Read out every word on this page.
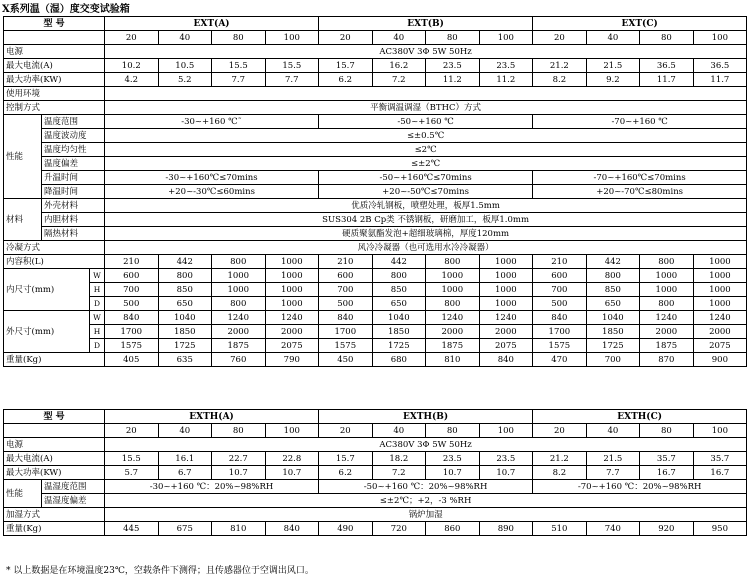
X系列温（湿）度交变试验箱
型 号			EXT(A)				EXT(B)				EXT(C)			
			20	40	80	100	20	40	80	100	20	40	80	100
电源			AC380V 3Φ 5W 50Hz											
最大电流(A)			10.2	10.5	15.5	15.5	15.7	16.2	23.5	23.5	21.2	21.5	36.5	36.5
最大功率(KW)			4.2	5.2	7.7	7.7	6.2	7.2	11.2	11.2	8.2	9.2	11.7	11.7
使用环境														
控制方式			平衡调温调湿（BTHC）方式											
性能	温度范围		-30~+160 ℃˜				-50~+160 ℃				-70~+160 ℃			
	温度波动度		≤±0.5℃											
	温度均匀性		≤2℃											
	温度偏差		≤±2℃											
	升温时间		-30~+160℃≤70mins				-50~+160℃≤70mins				-70~+160℃≤70mins			
	降温时间		+20~-30℃≤60mins				+20~-50℃≤70mins				+20~-70℃≤80mins			
材料	外壳材料		优质冷轧钢板，喷塑处理，板厚1.5mm											
	内胆材料		SUS304 2B Cp类 不锈钢板，研磨加工，板厚1.0mm											
	隔热材料		硬质聚氨酯发泡+超细玻璃棉，厚度120mm											
冷凝方式			风冷冷凝器（也可选用水冷冷凝器）											
内容积(L)			210	442	800	1000	210	442	800	1000	210	442	800	1000
内尺寸(mm)		W	600	800	1000	1000	600	800	1000	1000	600	800	1000	1000
		H	700	850	1000	1000	700	850	1000	1000	700	850	1000	1000
		D	500	650	800	1000	500	650	800	1000	500	650	800	1000
外尺寸(mm)		W	840	1040	1240	1240	840	1040	1240	1240	840	1040	1240	1240
		H	1700	1850	2000	2000	1700	1850	2000	2000	1700	1850	2000	2000
		D	1575	1725	1875	2075	1575	1725	1875	2075	1575	1725	1875	2075
重量(Kg)			405	635	760	790	450	680	810	840	470	700	870	900
型 号		EXTH(A)				EXTH(B)				EXTH(C)			
		20	40	80	100	20	40	80	100	20	40	80	100
电源		AC380V 3Φ 5W 50Hz											
最大电流(A)		15.5	16.1	22.7	22.8	15.7	18.2	23.5	23.5	21.2	21.5	35.7	35.7
最大功率(KW)		5.7	6.7	10.7	10.7	6.2	7.2	10.7	10.7	8.2	7.7	16.7	16.7
性能	温湿度范围	-30~+160 ℃：20%~98%RH				-50~+160 ℃：20%~98%RH				-70~+160 ℃：20%~98%RH			
	温湿度偏差	≤±2℃；+2，-3 %RH											
加湿方式		锅炉加湿											
重量(Kg)		445	675	810	840	490	720	860	890	510	740	920	950
* 以上数据是在环境温度23℃，空载条件下测得；且传感器位于空调出风口。
